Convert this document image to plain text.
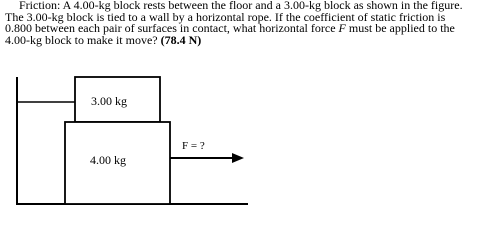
Friction: A 4.00-kg block rests between the floor and a 3.00-kg block as shown in the figure.
The 3.00-kg block is tied to a wall by a horizontal rope. If the coefficient of static friction is
0.800 between each pair of surfaces in contact, what horizontal force F must be applied to the
4.00-kg block to make it move? (78.4 N)
3.00 kg
4.00 kg
F = ?
